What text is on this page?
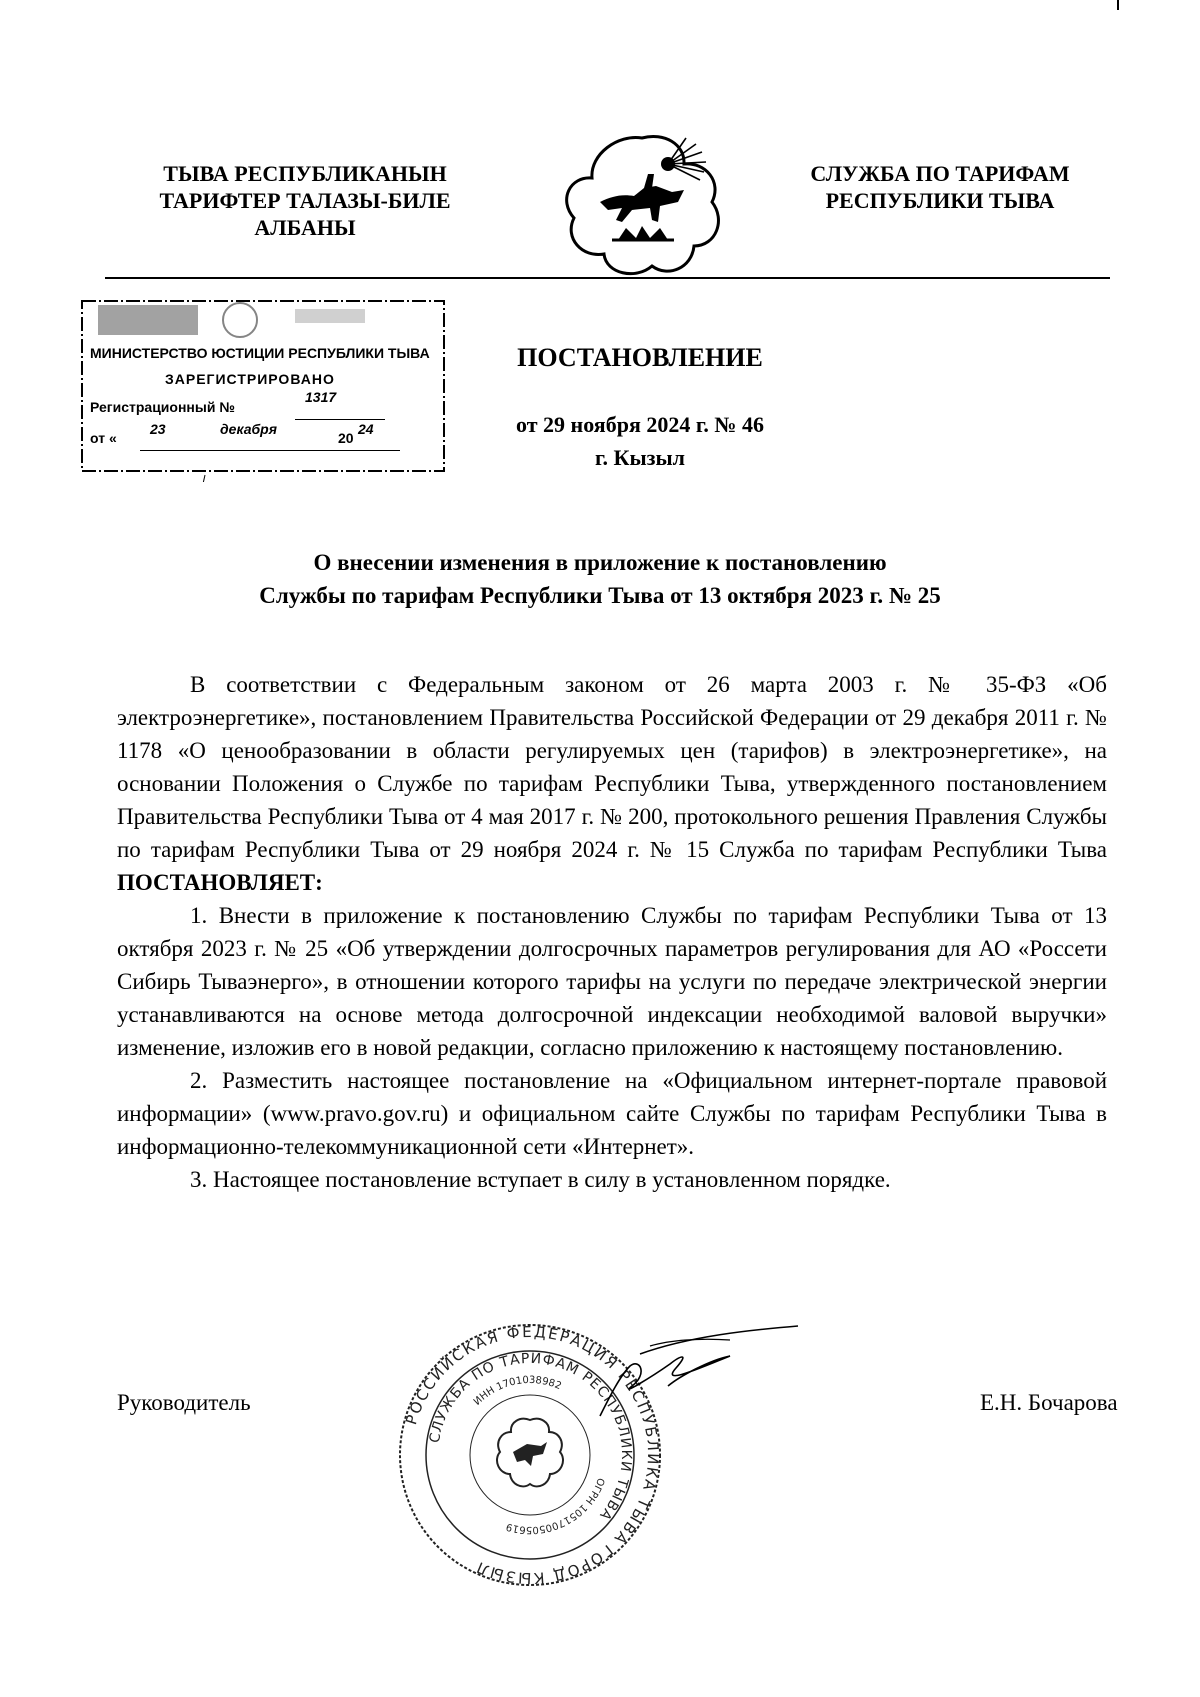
ТЫВА РЕСПУБЛИКАНЫН
ТАРИФТЕР ТАЛАЗЫ-БИЛЕ
АЛБАНЫ
СЛУЖБА ПО ТАРИФАМ
РЕСПУБЛИКИ ТЫВА
МИНИСТЕРСТВО ЮСТИЦИИ РЕСПУБЛИКИ ТЫВА
ЗАРЕГИСТРИРОВАНО
Регистрационный №
1317
от «
23	декабря
20
24
ПОСТАНОВЛЕНИЕ
от 29 ноября 2024 г. № 46
г. Кызыл
О внесении изменения в приложение к постановлению
Службы по тарифам Республики Тыва от 13 октября 2023 г. № 25

В соответствии с Федеральным законом от 26 марта 2003 г. № 35-ФЗ «Об электроэнергетике», постановлением Правительства Российской Федерации от 29 декабря 2011 г. № 1178 «О ценообразовании в области регулируемых цен (тарифов) в электроэнергетике», на основании Положения о Службе по тарифам Республики Тыва, утвержденного постановлением Правительства Республики Тыва от 4 мая 2017 г. № 200, протокольного решения Правления Службы по тарифам Республики Тыва от 29 ноября 2024 г. № 15 Служба по тарифам Республики Тыва ПОСТАНОВЛЯЕТ:

1. Внести в приложение к постановлению Службы по тарифам Республики Тыва от 13 октября 2023 г. № 25 «Об утверждении долгосрочных параметров регулирования для АО «Россети Сибирь Тываэнерго», в отношении которого тарифы на услуги по передаче электрической энергии устанавливаются на основе метода долгосрочной индексации необходимой валовой выручки» изменение, изложив его в новой редакции, согласно приложению к настоящему постановлению.

2. Разместить настоящее постановление на «Официальном интернет-портале правовой информации» (www.pravo.gov.ru) и официальном сайте Службы по тарифам Республики Тыва в информационно-телекоммуникационной сети «Интернет».

3. Настоящее постановление вступает в силу в установленном порядке.

Руководитель
РОССИЙСКАЯ ФЕДЕРАЦИЯ РЕСПУБЛИКА ТЫВА ГОРОД КЫЗЫЛ
СЛУЖБА ПО ТАРИФАМ РЕСПУБЛИКИ ТЫВА
ОГРН 1051700505619
ИНН 1701038982
Е.Н. Бочарова
